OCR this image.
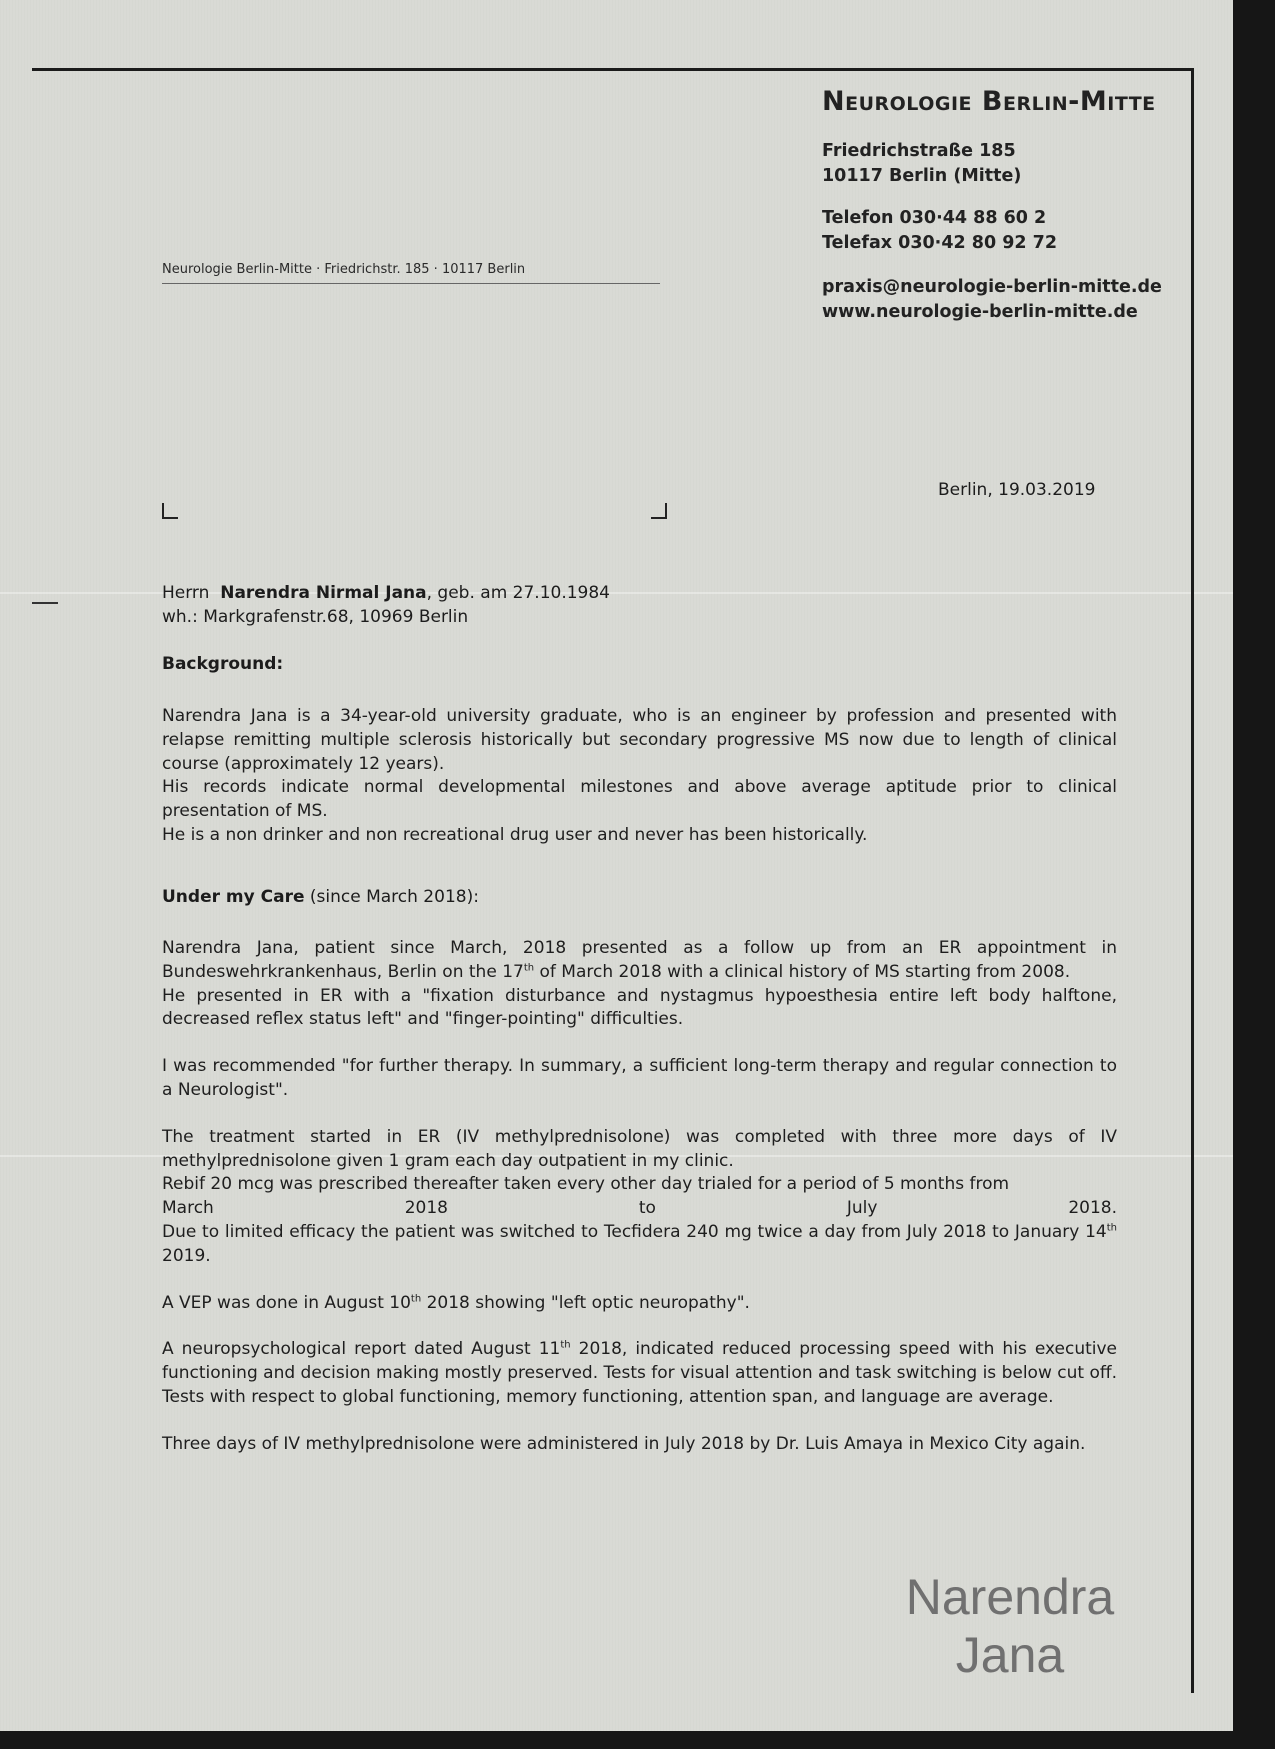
Neurologie Berlin-Mitte
Friedrichstraße 185
10117 Berlin (Mitte)
Telefon 030·44 88 60 2
Telefax 030·42 80 92 72
praxis@neurologie-berlin-mitte.de
www.neurologie-berlin-mitte.de
Neurologie Berlin-Mitte · Friedrichstr. 185 · 10117 Berlin
Berlin, 19.03.2019
Herrn Narendra Nirmal Jana, geb. am 27.10.1984
wh.: Markgrafenstr.68, 10969 Berlin
Background:

Narendra Jana is a 34-year-old university graduate, who is an engineer by profession and presented with relapse remitting multiple sclerosis historically but secondary progressive MS now due to length of clinical course (approximately 12 years).

His records indicate normal developmental milestones and above average aptitude prior to clinical presentation of MS.

He is a non drinker and non recreational drug user and never has been historically.

Under my Care (since March 2018):

Narendra Jana, patient since March, 2018 presented as a follow up from an ER appointment in Bundeswehrkrankenhaus, Berlin on the 17th of March 2018 with a clinical history of MS starting from 2008.

He presented in ER with a "fixation disturbance and nystagmus hypoesthesia entire left body halftone, decreased reflex status left" and "finger-pointing" difficulties.

I was recommended "for further therapy. In summary, a sufficient long-term therapy and regular connection to a Neurologist".

The treatment started in ER (IV methylprednisolone) was completed with three more days of IV methylprednisolone given 1 gram each day outpatient in my clinic.

Rebif 20 mcg was prescribed thereafter taken every other day trialed for a period of 5 months from

March	2018	to	July	2018.

Due to limited efficacy the patient was switched to Tecfidera 240 mg twice a day from July 2018 to January 14th 2019.

A VEP was done in August 10th 2018 showing "left optic neuropathy".

A neuropsychological report dated August 11th 2018, indicated reduced processing speed with his executive functioning and decision making mostly preserved. Tests for visual attention and task switching is below cut off. Tests with respect to global functioning, memory functioning, attention span, and language are average.

Three days of IV methylprednisolone were administered in July 2018 by Dr. Luis Amaya in Mexico City again.

Narendra
Jana
